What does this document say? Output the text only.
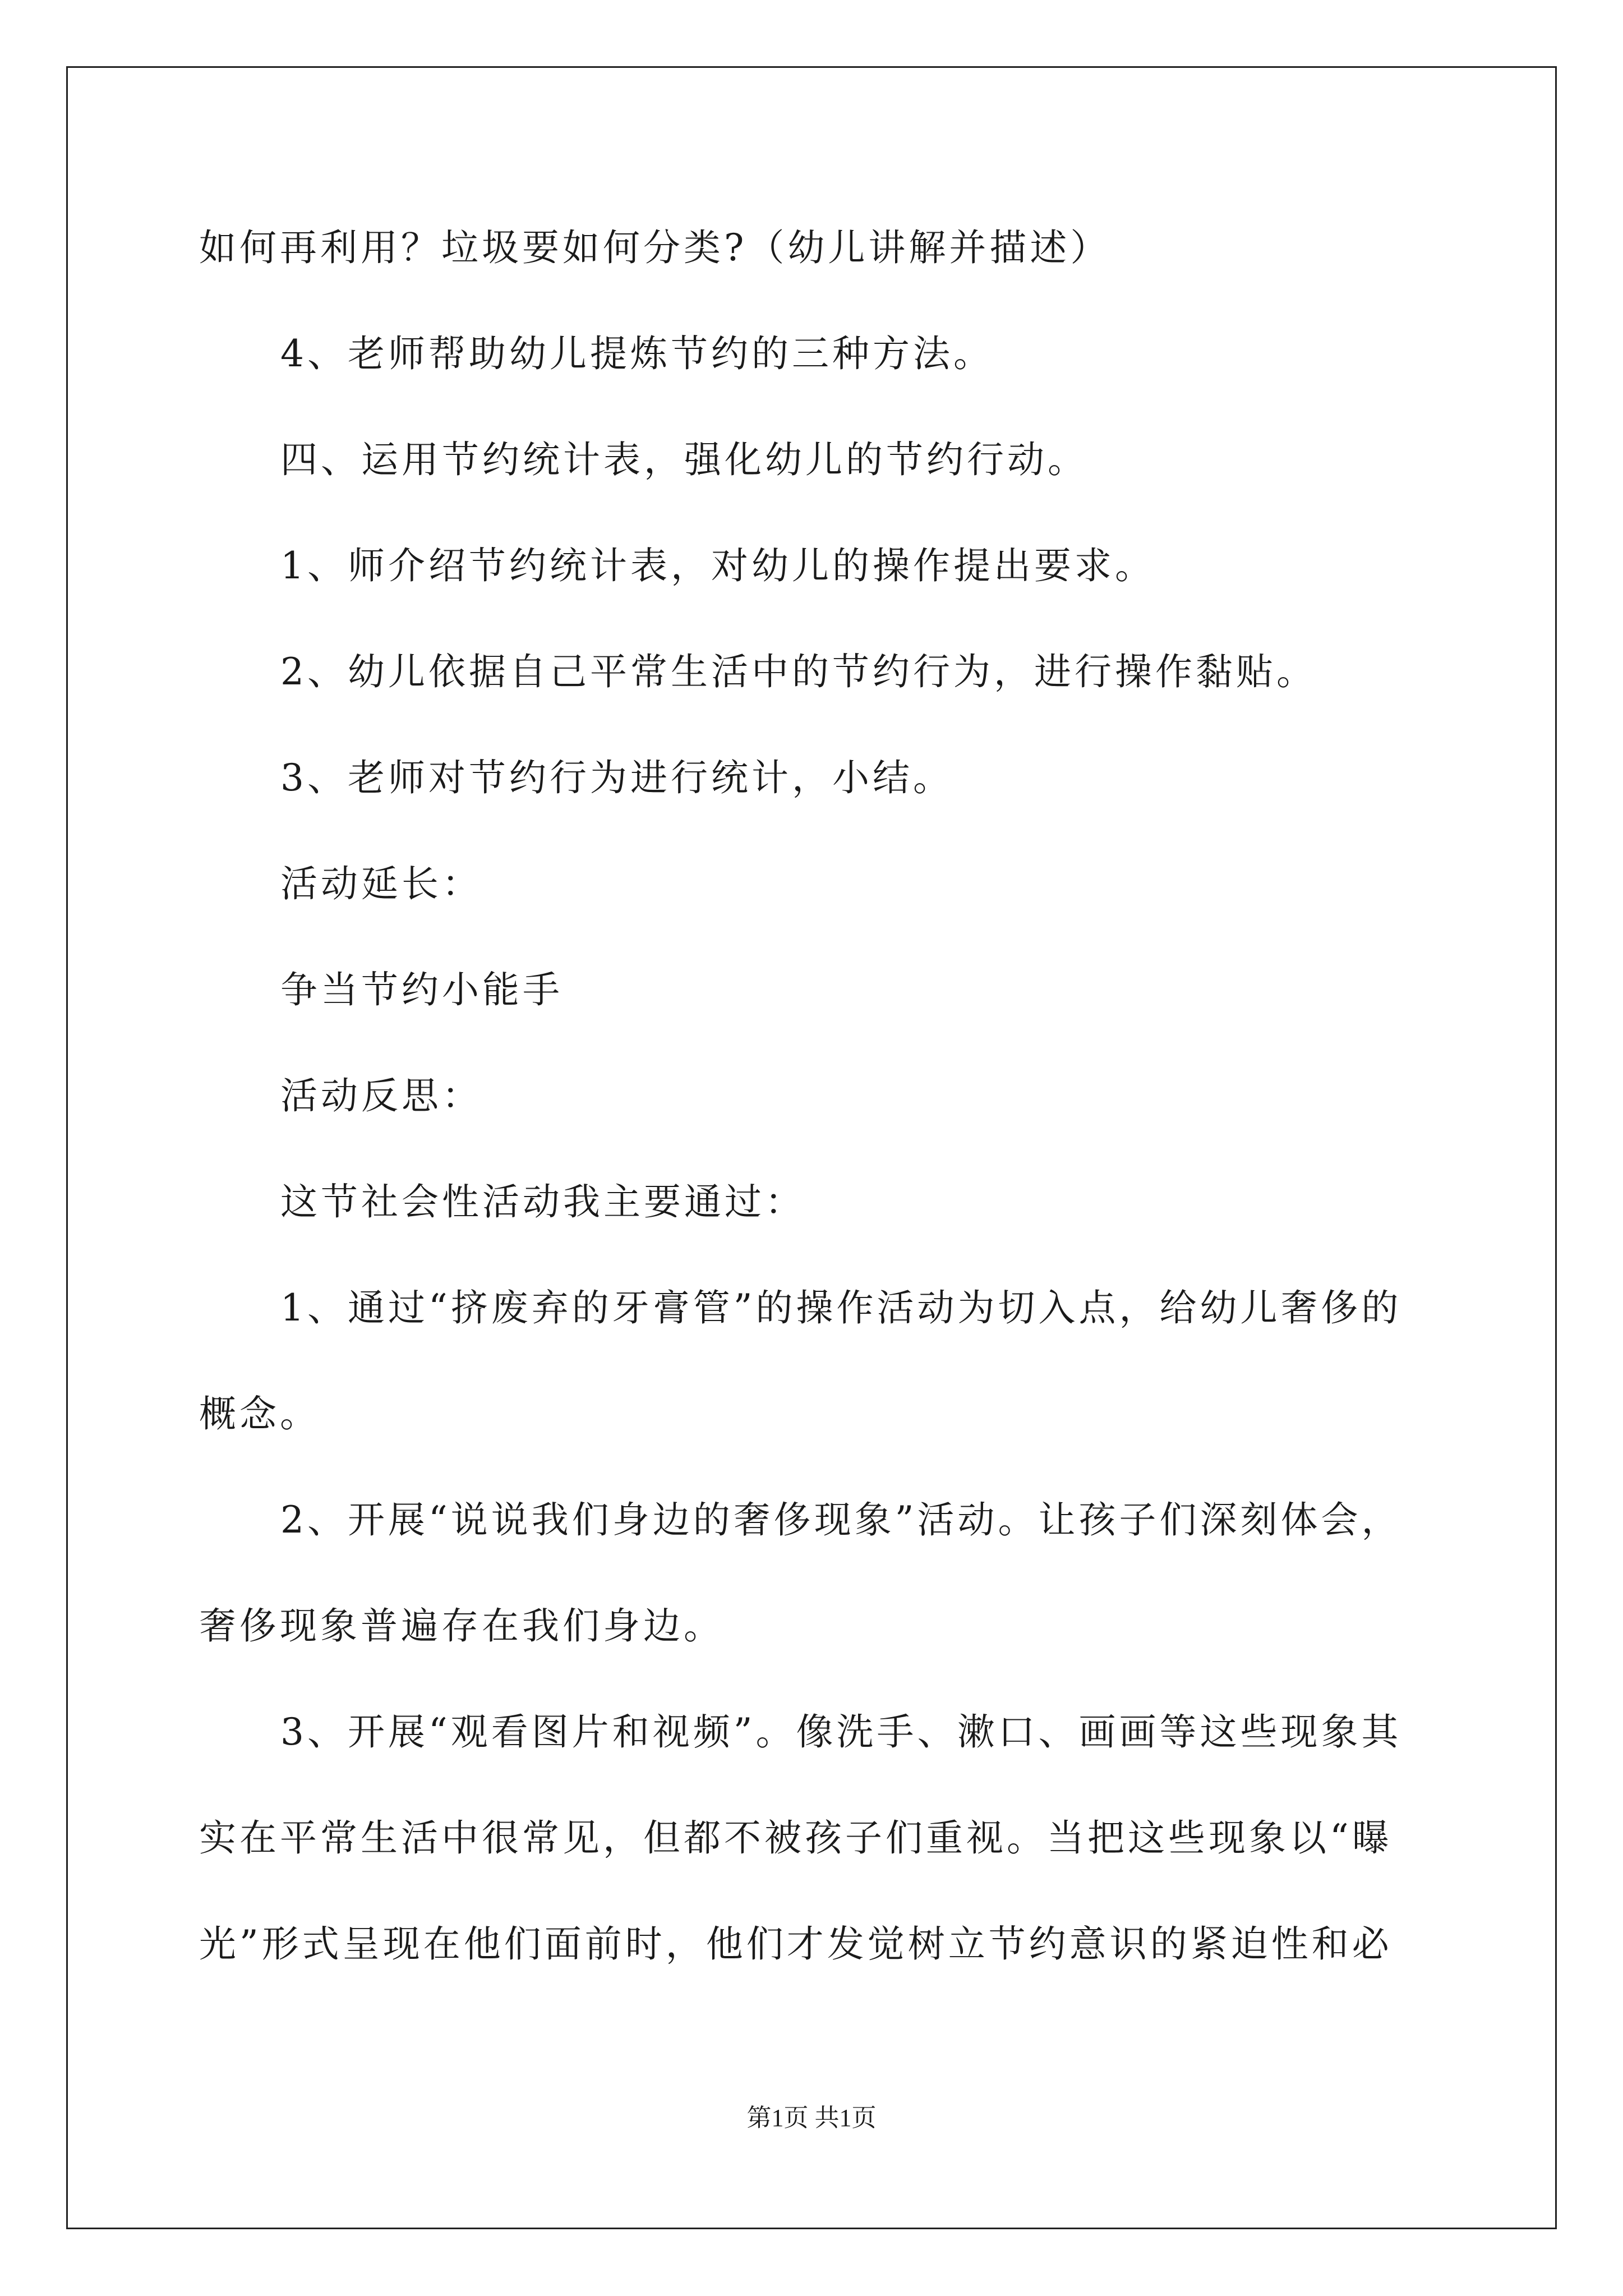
如何再利用？垃圾要如何分类?（幼儿讲解并描述）
4、老师帮助幼儿提炼节约的三种方法。
四、运用节约统计表，强化幼儿的节约行动。
1、师介绍节约统计表，对幼儿的操作提出要求。
2、幼儿依据自己平常生活中的节约行为，进行操作黏贴。
3、老师对节约行为进行统计，小结。
活动延长：
争当节约小能手
活动反思：
这节社会性活动我主要通过：
1、通过“挤废弃的牙膏管”的操作活动为切入点，给幼儿奢侈的
概念。
2、开展“说说我们身边的奢侈现象”活动。让孩子们深刻体会，
奢侈现象普遍存在我们身边。
3、开展“观看图片和视频”。像洗手、漱口、画画等这些现象其
实在平常生活中很常见，但都不被孩子们重视。当把这些现象以“曝
光”形式呈现在他们面前时，他们才发觉树立节约意识的紧迫性和必
第1页 共1页
